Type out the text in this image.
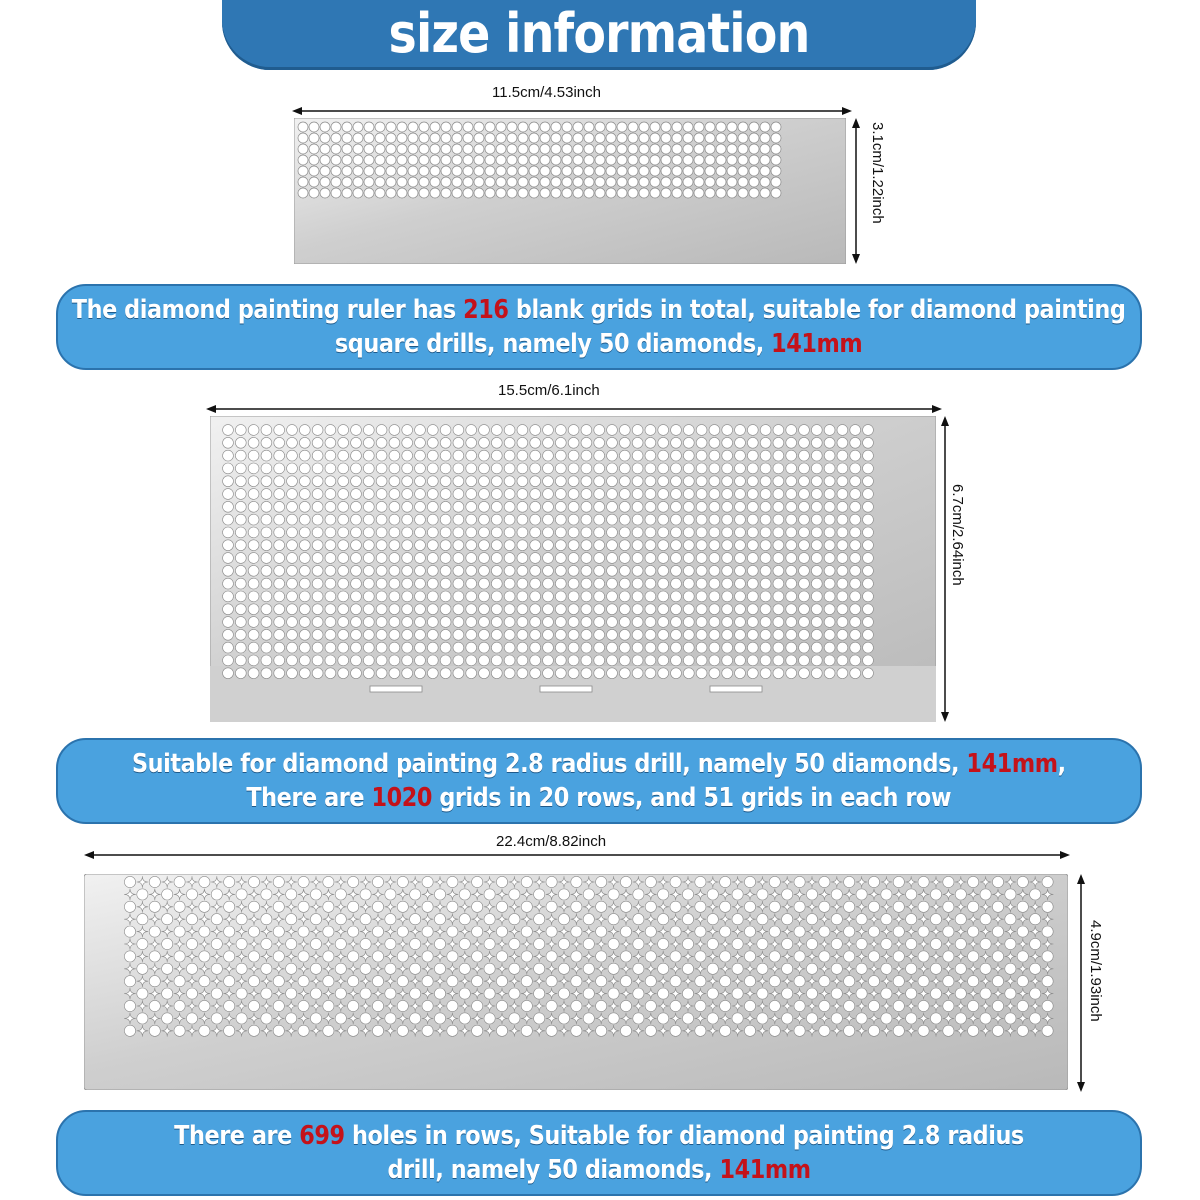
size information
11.5cm/4.53inch
3.1cm/1.22inch
The diamond painting ruler has 216 blank grids in total, suitable for diamond painting
square drills, namely 50 diamonds, 141mm
15.5cm/6.1inch
6.7cm/2.64inch
Suitable for diamond painting 2.8 radius drill, namely 50 diamonds, 141mm,
There are 1020 grids in 20 rows, and 51 grids in each row
22.4cm/8.82inch
4.9cm/1.93inch
There are 699 holes in rows, Suitable for diamond painting 2.8 radius
drill, namely 50 diamonds, 141mm
